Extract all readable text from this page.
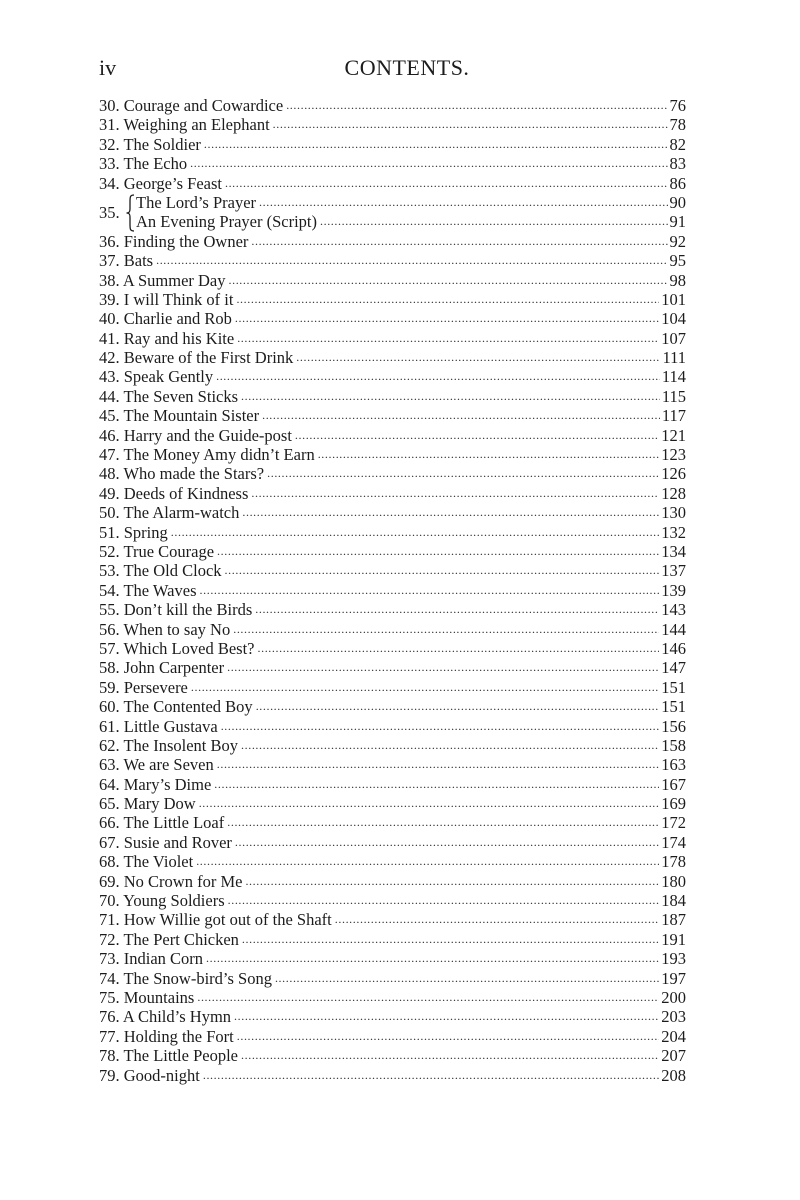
iv	CONTENTS.
30. Courage and Cowardice .....	76
31. Weighing an Elephant .....	78
32. The Soldier .....	82
33. The Echo .....	83
34. George’s Feast .....	86
35.
The Lord’s Prayer .....	90
An Evening Prayer (Script) .....	91
36. Finding the Owner .....	92
37. Bats .....	95
38. A Summer Day .....	98
39. I will Think of it .....	101
40. Charlie and Rob .....	104
41. Ray and his Kite .....	107
42. Beware of the First Drink .....	111
43. Speak Gently .....	114
44. The Seven Sticks .....	115
45. The Mountain Sister .....	117
46. Harry and the Guide-post .....	121
47. The Money Amy didn’t Earn .....	123
48. Who made the Stars? .....	126
49. Deeds of Kindness .....	128
50. The Alarm-watch .....	130
51. Spring .....	132
52. True Courage .....	134
53. The Old Clock .....	137
54. The Waves .....	139
55. Don’t kill the Birds .....	143
56. When to say No .....	144
57. Which Loved Best? .....	146
58. John Carpenter .....	147
59. Persevere .....	151
60. The Contented Boy .....	151
61. Little Gustava .....	156
62. The Insolent Boy .....	158
63. We are Seven .....	163
64. Mary’s Dime .....	167
65. Mary Dow .....	169
66. The Little Loaf .....	172
67. Susie and Rover .....	174
68. The Violet .....	178
69. No Crown for Me .....	180
70. Young Soldiers .....	184
71. How Willie got out of the Shaft .....	187
72. The Pert Chicken .....	191
73. Indian Corn .....	193
74. The Snow-bird’s Song .....	197
75. Mountains .....	200
76. A Child’s Hymn .....	203
77. Holding the Fort .....	204
78. The Little People .....	207
79. Good-night .....	208
